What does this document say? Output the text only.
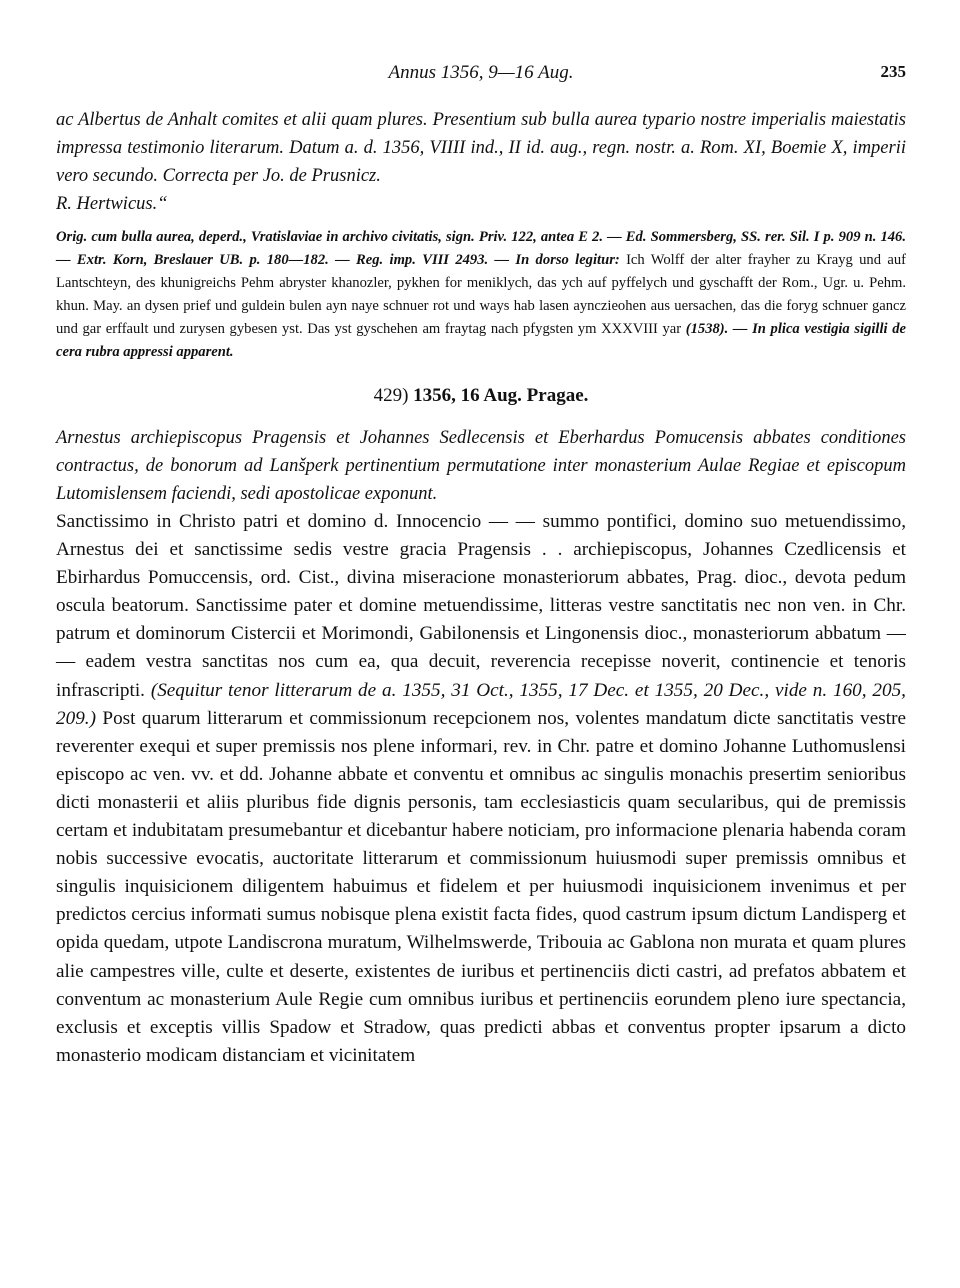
Annus 1356, 9—16 Aug.	235

ac Albertus de Anhalt comites et alii quam plures. Presentium sub bulla aurea typario nostre imperialis maiestatis impressa testimonio literarum. Datum a. d. 1356, VIIII ind., II id. aug., regn. nostr. a. Rom. XI, Boemie X, imperii vero secundo. Correcta per Jo. de Prusnicz.
R. Hertwicus.“

Orig. cum bulla aurea, deperd., Vratislaviae in archivo civitatis, sign. Priv. 122, antea E 2. — Ed. Sommersberg, SS. rer. Sil. I p. 909 n. 146. — Extr. Korn, Breslauer UB. p. 180—182. — Reg. imp. VIII 2493. — In dorso legitur: Ich Wolff der alter frayher zu Krayg und auf Lantschteyn, des khunigreichs Pehm abryster khanozler, pykhen for meniklych, das ych auf pyffelych und gyschafft der Rom., Ugr. u. Pehm. khun. May. an dysen prief und guldein bulen ayn naye schnuer rot und ways hab lasen aynczieohen aus uersachen, das die foryg schnuer gancz und gar erffault und zurysen gybesen yst. Das yst gyschehen am fraytag nach pfygsten ym XXXVIII yar (1538). — In plica vestigia sigilli de cera rubra appressi apparent.

429) 1356, 16 Aug. Pragae.

Arnestus archiepiscopus Pragensis et Johannes Sedlecensis et Eberhardus Pomucensis abbates conditiones contractus, de bonorum ad Lanšperk pertinentium permutatione inter monasterium Aulae Regiae et episcopum Lutomislensem faciendi, sedi apostolicae exponunt.

Sanctissimo in Christo patri et domino d. Innocencio — — summo pontifici, domino suo metuendissimo, Arnestus dei et sanctissime sedis vestre gracia Pragensis . . archiepiscopus, Johannes Czedlicensis et Ebirhardus Pomuccensis, ord. Cist., divina miseracione monasteriorum abbates, Prag. dioc., devota pedum oscula beatorum. Sanctissime pater et domine metuendissime, litteras vestre sanctitatis nec non ven. in Chr. patrum et dominorum Cistercii et Morimondi, Gabilonensis et Lingonensis dioc., monasteriorum abbatum — — eadem vestra sanctitas nos cum ea, qua decuit, reverencia recepisse noverit, continencie et tenoris infrascripti. (Sequitur tenor litterarum de a. 1355, 31 Oct., 1355, 17 Dec. et 1355, 20 Dec., vide n. 160, 205, 209.) Post quarum litterarum et commissionum recepcionem nos, volentes mandatum dicte sanctitatis vestre reverenter exequi et super premissis nos plene informari, rev. in Chr. patre et domino Johanne Luthomuslensi episcopo ac ven. vv. et dd. Johanne abbate et conventu et omnibus ac singulis monachis presertim senioribus dicti monasterii et aliis pluribus fide dignis personis, tam ecclesiasticis quam secularibus, qui de premissis certam et indubitatam presumebantur et dicebantur habere noticiam, pro informacione plenaria habenda coram nobis successive evocatis, auctoritate litterarum et commissionum huiusmodi super premissis omnibus et singulis inquisicionem diligentem habuimus et fidelem et per huiusmodi inquisicionem invenimus et per predictos cercius informati sumus nobisque plena existit facta fides, quod castrum ipsum dictum Landisperg et opida quedam, utpote Landiscrona muratum, Wilhelmswerde, Tribouia ac Gablona non murata et quam plures alie campestres ville, culte et deserte, existentes de iuribus et pertinenciis dicti castri, ad prefatos abbatem et conventum ac monasterium Aule Regie cum omnibus iuribus et pertinenciis eorundem pleno iure spectancia, exclusis et exceptis villis Spadow et Stradow, quas predicti abbas et conventus propter ipsarum a dicto monasterio modicam distanciam et vicinitatem
